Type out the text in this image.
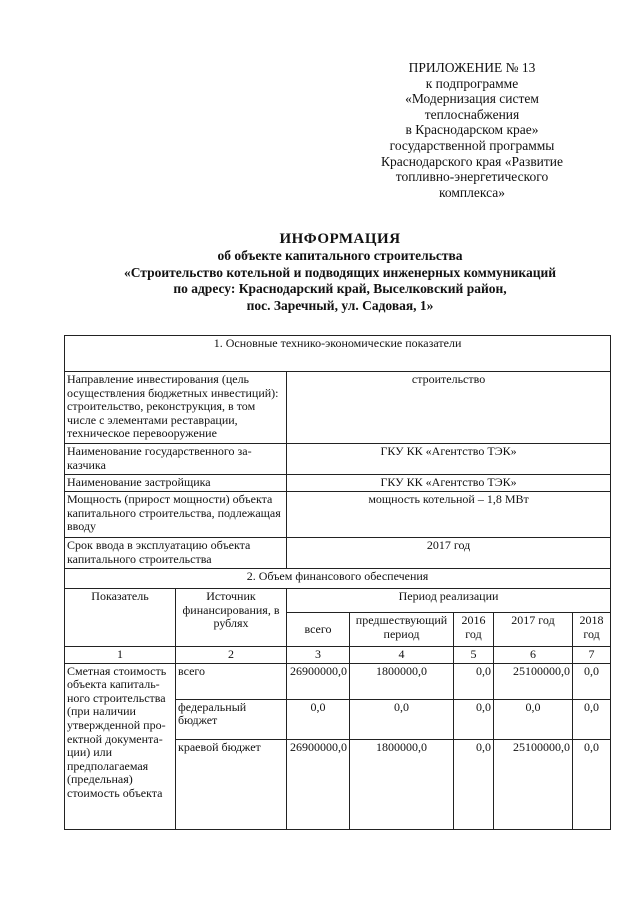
ПРИЛОЖЕНИЕ № 13
к подпрограмме
«Модернизация систем
теплоснабжения
в Краснодарском крае»
государственной программы
Краснодарского края «Развитие
топливно-энергетического
комплекса»
ИНФОРМАЦИЯ
об объекте капитального строительства
«Строительство котельной и подводящих инженерных коммуникаций
по адресу: Краснодарский край, Выселковский район,
пос. Заречный, ул. Садовая, 1»
1. Основные технико-экономические показатели						
Направление инвестирования (цель осуществления бюджетных инвестиций): строительство, реконструкция, в том числе с элементами реставрации, техническое перевооружение		строительство				
Наименование государственного заказчика		ГКУ КК «Агентство ТЭК»				
Наименование застройщика		ГКУ КК «Агентство ТЭК»				
Мощность (прирост мощности) объекта капитального строительства, подлежащая вводу		мощность котельной – 1,8 МВт				
Срок ввода в эксплуатацию объекта капитального строительства		2017 год				
2. Объем финансового обеспечения						
Показатель	Источник финансирования, в рублях	Период реализации				
		всего	предшествующий период	2016 год	2017 год	2018 год
1	2	3	4	5	6	7
Сметная стоимость объекта капитального строительства (при наличии утвержденной проектной документации) или предполагаемая (предельная) стоимость объекта	всего	26900000,0	1800000,0	0,0	25100000,0	0,0
	федеральный бюджет	0,0	0,0	0,0	0,0	0,0
	краевой бюджет	26900000,0	1800000,0	0,0	25100000,0	0,0
